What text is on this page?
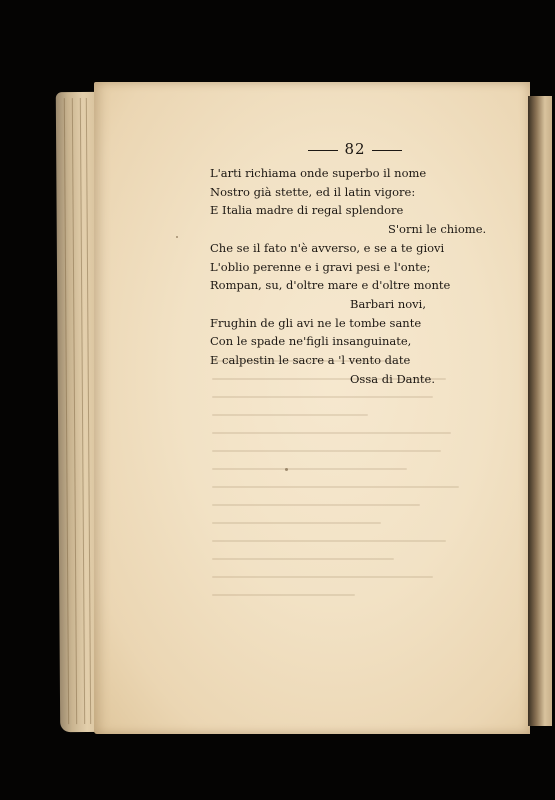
82
L'arti richiama onde superbo il nome
Nostro già stette, ed il latin vigore:
E Italia madre di regal splendore
S'orni le chiome.
Che se il fato n'è avverso, e se a te giovi
L'oblio perenne e i gravi pesi e l'onte;
Rompan, su, d'oltre mare e d'oltre monte
Barbari novi,
Frughin de gli avi ne le tombe sante
Con le spade ne'figli insanguinate,
E calpestin le sacre a 'l vento date
Ossa di Dante.
